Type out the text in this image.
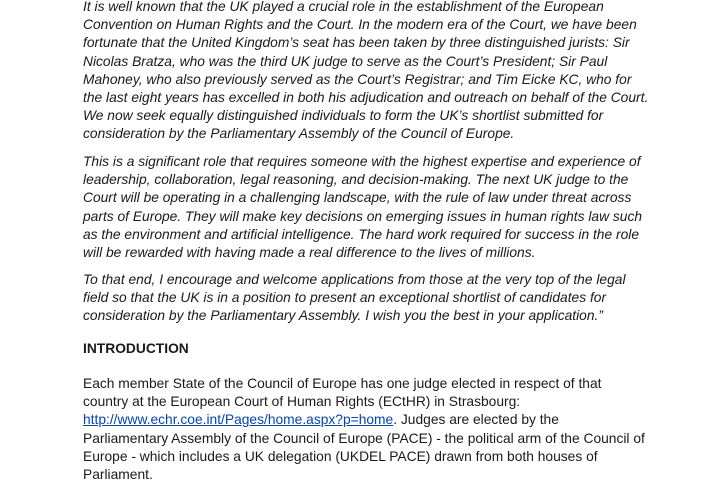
It is well known that the UK played a crucial role in the establishment of the European
Convention on Human Rights and the Court. In the modern era of the Court, we have been
fortunate that the United Kingdom’s seat has been taken by three distinguished jurists: Sir
Nicolas Bratza, who was the third UK judge to serve as the Court’s President; Sir Paul
Mahoney, who also previously served as the Court’s Registrar; and Tim Eicke KC, who for
the last eight years has excelled in both his adjudication and outreach on behalf of the Court.
We now seek equally distinguished individuals to form the UK’s shortlist submitted for
consideration by the Parliamentary Assembly of the Council of Europe.

This is a significant role that requires someone with the highest expertise and experience of
leadership, collaboration, legal reasoning, and decision-making. The next UK judge to the
Court will be operating in a challenging landscape, with the rule of law under threat across
parts of Europe. They will make key decisions on emerging issues in human rights law such
as the environment and artificial intelligence. The hard work required for success in the role
will be rewarded with having made a real difference to the lives of millions.

To that end, I encourage and welcome applications from those at the very top of the legal
field so that the UK is in a position to present an exceptional shortlist of candidates for
consideration by the Parliamentary Assembly. I wish you the best in your application.”

INTRODUCTION

Each member State of the Council of Europe has one judge elected in respect of that
country at the European Court of Human Rights (ECtHR) in Strasbourg:
http://www.echr.coe.int/Pages/home.aspx?p=home. Judges are elected by the
Parliamentary Assembly of the Council of Europe (PACE) - the political arm of the Council of
Europe - which includes a UK delegation (UKDEL PACE) drawn from both houses of
Parliament.
